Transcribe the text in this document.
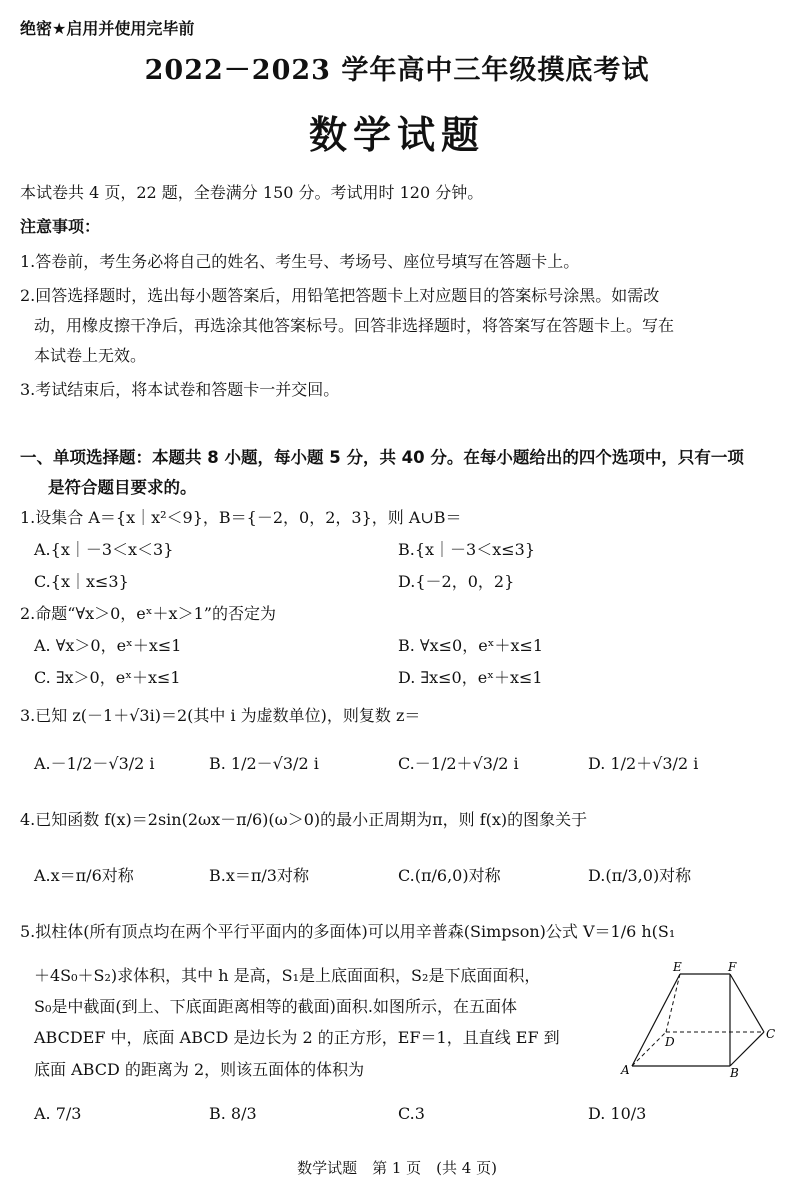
绝密★启用并使用完毕前
2022－2023 学年高中三年级摸底考试
数学试题
本试卷共 4 页，22 题，全卷满分 150 分。考试用时 120 分钟。
注意事项：
1.答卷前，考生务必将自己的姓名、考生号、考场号、座位号填写在答题卡上。
2.回答选择题时，选出每小题答案后，用铅笔把答题卡上对应题目的答案标号涂黑。如需改
动，用橡皮擦干净后，再选涂其他答案标号。回答非选择题时，将答案写在答题卡上。写在
本试卷上无效。
3.考试结束后，将本试卷和答题卡一并交回。
一、单项选择题：本题共 8 小题，每小题 5 分，共 40 分。在每小题给出的四个选项中，只有一项
是符合题目要求的。
1.设集合 A＝{x｜x²＜9}，B＝{－2，0，2，3}，则 A∪B＝
A.{x｜－3＜x＜3}	B.{x｜－3＜x≤3}
C.{x｜x≤3}	D.{－2，0，2}
2.命题“∀x＞0，eˣ＋x＞1”的否定为
A. ∀x＞0，eˣ＋x≤1	B. ∀x≤0，eˣ＋x≤1
C. ∃x＞0，eˣ＋x≤1	D. ∃x≤0，eˣ＋x≤1
3.已知 z(－1＋√3i)＝2(其中 i 为虚数单位)，则复数 z＝
A.－1/2－√3/2 i	B. 1/2－√3/2 i	C.－1/2＋√3/2 i	D. 1/2＋√3/2 i
4.已知函数 f(x)＝2sin(2ωx－π/6)(ω＞0)的最小正周期为π，则 f(x)的图象关于
A.x＝π/6对称	B.x＝π/3对称	C.(π/6,0)对称	D.(π/3,0)对称
5.拟柱体(所有顶点均在两个平行平面内的多面体)可以用辛普森(Simpson)公式 V＝1/6 h(S₁
＋4S₀＋S₂)求体积，其中 h 是高，S₁是上底面面积，S₂是下底面面积，
S₀是中截面(到上、下底面距离相等的截面)面积.如图所示，在五面体
ABCDEF 中，底面 ABCD 是边长为 2 的正方形，EF＝1，且直线 EF 到
底面 ABCD 的距离为 2，则该五面体的体积为
E	F
D
C
A	B
A. 7/3	B. 8/3	C.3	D. 10/3
数学试题　第 1 页　(共 4 页)
